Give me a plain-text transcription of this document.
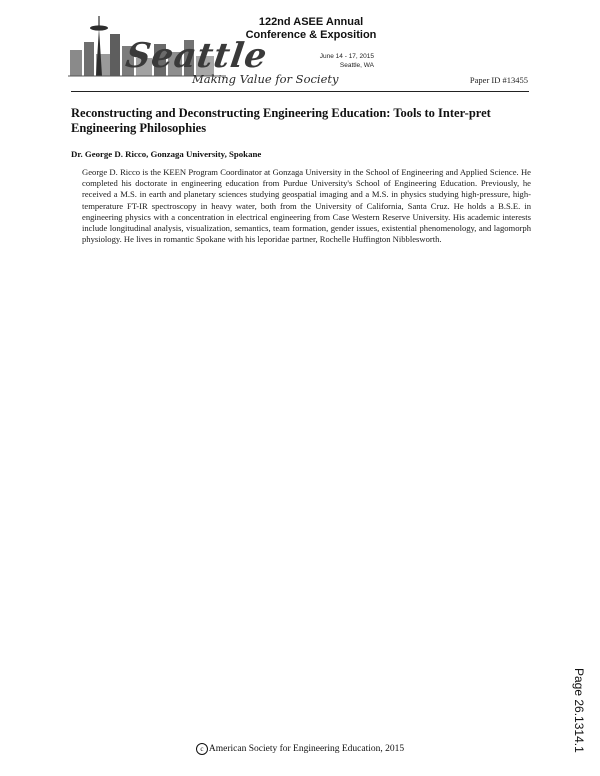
Seattle
Making Value for Society
122nd ASEE Annual
Conference & Exposition
June 14 - 17, 2015
Seattle, WA
Paper ID #13455
Reconstructing and Deconstructing Engineering Education: Tools to Inter-pret Engineering Philosophies
Dr. George D. Ricco, Gonzaga University, Spokane
George D. Ricco is the KEEN Program Coordinator at Gonzaga University in the School of Engineering and Applied Science. He completed his doctorate in engineering education from Purdue University's School of Engineering Education. Previously, he received a M.S. in earth and planetary sciences studying geospatial imaging and a M.S. in physics studying high-pressure, high-temperature FT-IR spectroscopy in heavy water, both from the University of California, Santa Cruz. He holds a B.S.E. in engineering physics with a concentration in electrical engineering from Case Western Reserve University. His academic interests include longitudinal analysis, visualization, semantics, team formation, gender issues, existential phenomenology, and lagomorph physiology. He lives in romantic Spokane with his leporidae partner, Rochelle Huffington Nibblesworth.
Page 26.1314.1
c American Society for Engineering Education, 2015
